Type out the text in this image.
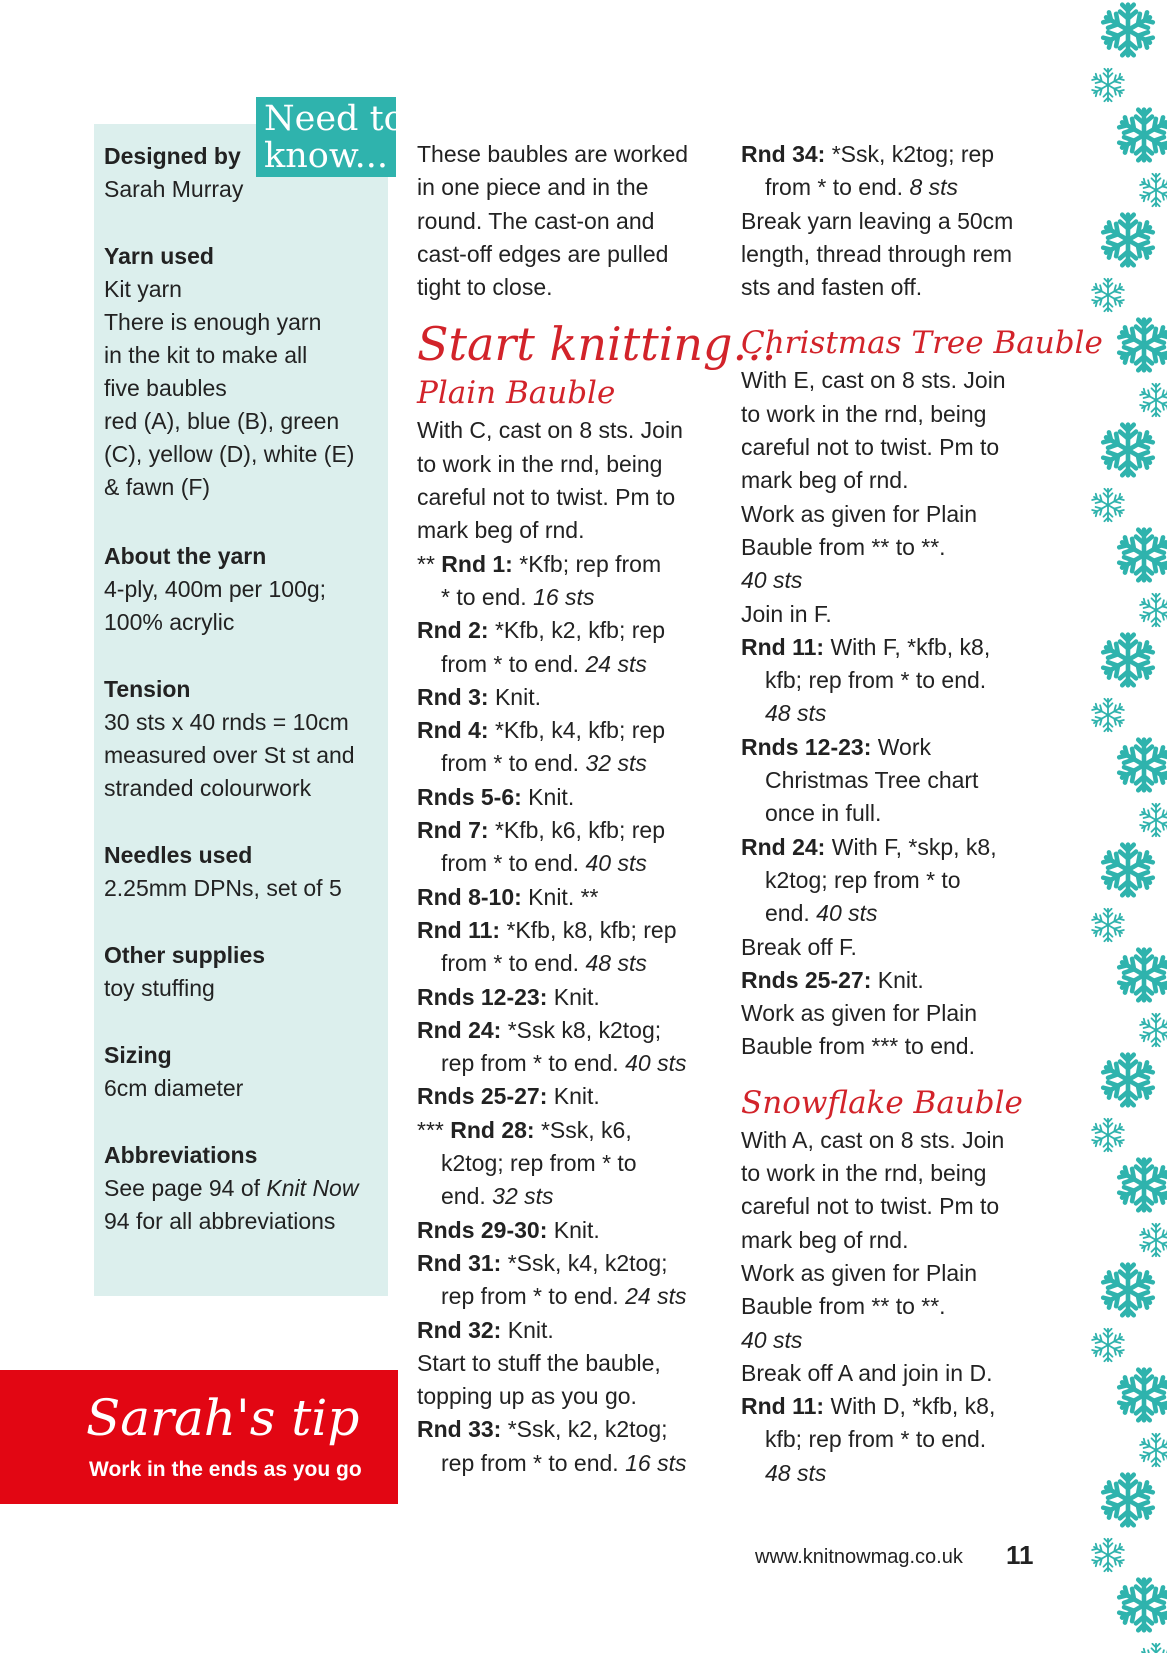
Need to
know...
Designed by
Sarah Murray
Yarn used
Kit yarn
There is enough yarn
in the kit to make all
five baubles
red (A), blue (B), green
(C), yellow (D), white (E)
& fawn (F)
About the yarn
4-ply, 400m per 100g;
100% acrylic
Tension
30 sts x 40 rnds = 10cm
measured over St st and
stranded colourwork
Needles used
2.25mm DPNs, set of 5
Other supplies
toy stuffing
Sizing
6cm diameter
Abbreviations
See page 94 of Knit Now
94 for all abbreviations
Sarah's tip
Work in the ends as you go
These baubles are worked
in one piece and in the
round. The cast-on and
cast-off edges are pulled
tight to close.
Start knitting...
Plain Bauble
With C, cast on 8 sts. Join
to work in the rnd, being
careful not to twist. Pm to
mark beg of rnd.
** Rnd 1: *Kfb; rep from
* to end. 16 sts
Rnd 2: *Kfb, k2, kfb; rep
from * to end. 24 sts
Rnd 3: Knit.
Rnd 4: *Kfb, k4, kfb; rep
from * to end. 32 sts
Rnds 5-6: Knit.
Rnd 7: *Kfb, k6, kfb; rep
from * to end. 40 sts
Rnd 8-10: Knit. **
Rnd 11: *Kfb, k8, kfb; rep
from * to end. 48 sts
Rnds 12-23: Knit.
Rnd 24: *Ssk k8, k2tog;
rep from * to end. 40 sts
Rnds 25-27: Knit.
*** Rnd 28: *Ssk, k6,
k2tog; rep from * to
end. 32 sts
Rnds 29-30: Knit.
Rnd 31: *Ssk, k4, k2tog;
rep from * to end. 24 sts
Rnd 32: Knit.
Start to stuff the bauble,
topping up as you go.
Rnd 33: *Ssk, k2, k2tog;
rep from * to end. 16 sts
Rnd 34: *Ssk, k2tog; rep
from * to end. 8 sts
Break yarn leaving a 50cm
length, thread through rem
sts and fasten off.
Christmas Tree Bauble
With E, cast on 8 sts. Join
to work in the rnd, being
careful not to twist. Pm to
mark beg of rnd.
Work as given for Plain
Bauble from ** to **.
40 sts
Join in F.
Rnd 11: With F, *kfb, k8,
kfb; rep from * to end.
48 sts
Rnds 12-23: Work
Christmas Tree chart
once in full.
Rnd 24: With F, *skp, k8,
k2tog; rep from * to
end. 40 sts
Break off F.
Rnds 25-27: Knit.
Work as given for Plain
Bauble from *** to end.
Snowflake Bauble
With A, cast on 8 sts. Join
to work in the rnd, being
careful not to twist. Pm to
mark beg of rnd.
Work as given for Plain
Bauble from ** to **.
40 sts
Break off A and join in D.
Rnd 11: With D, *kfb, k8,
kfb; rep from * to end.
48 sts
www.knitnowmag.co.uk 11
